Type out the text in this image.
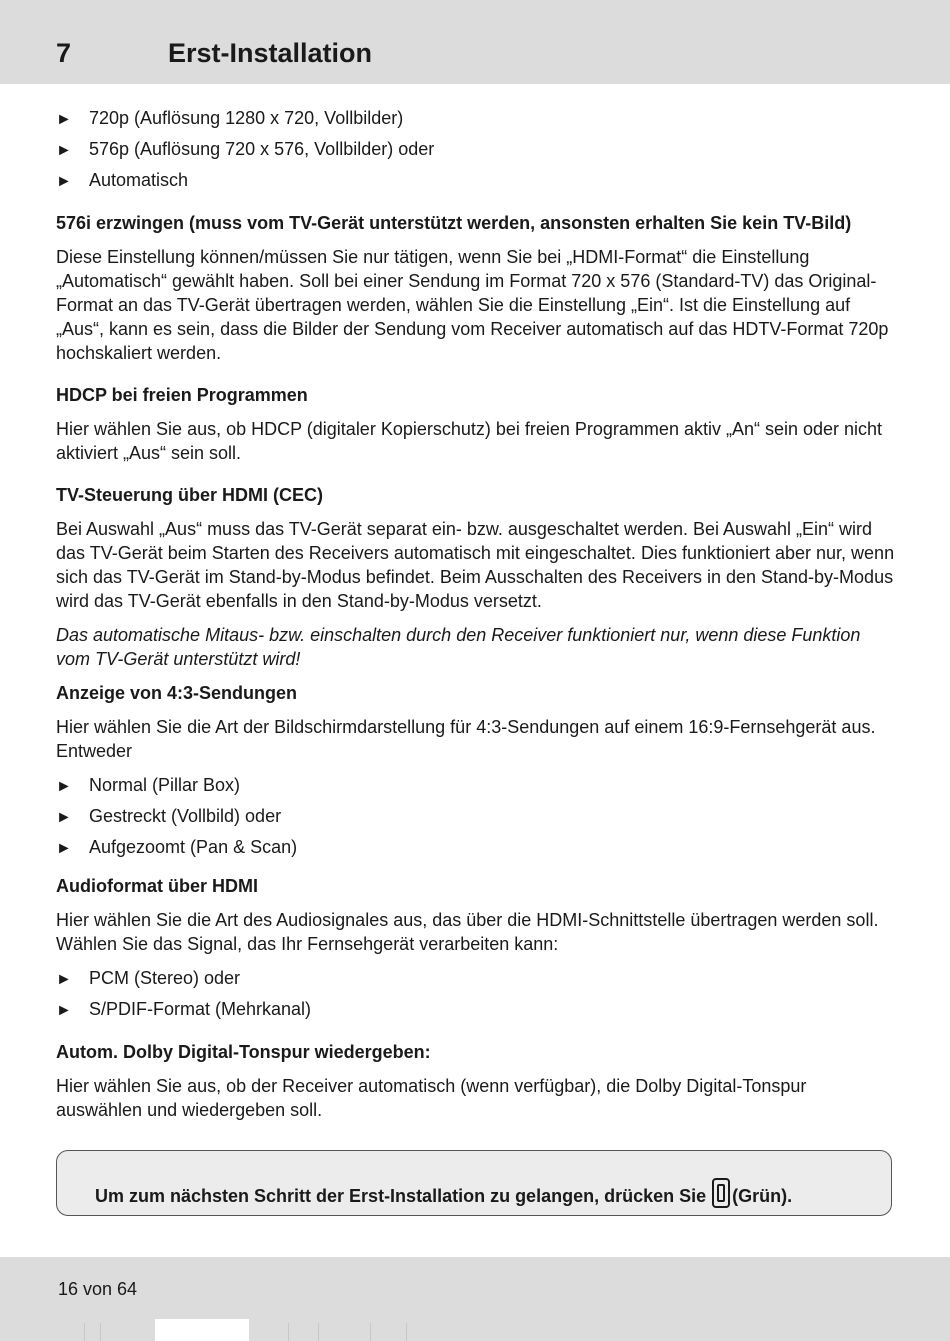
7	Erst-Installation
► 720p (Auflösung 1280 x 720, Vollbilder)
► 576p (Auflösung 720 x 576, Vollbilder) oder
► Automatisch
576i erzwingen (muss vom TV-Gerät unterstützt werden, ansonsten erhalten Sie kein TV-Bild)
Diese Einstellung können/müssen Sie nur tätigen, wenn Sie bei „HDMI-Format“ die Einstellung „Automatisch“ gewählt haben. Soll bei einer Sendung im Format 720 x 576 (Standard-TV) das Original-Format an das TV-Gerät übertragen werden, wählen Sie die Einstellung „Ein“. Ist die Einstellung auf „Aus“, kann es sein, dass die Bilder der Sendung vom Receiver automatisch auf das HDTV-Format 720p hochskaliert werden.
HDCP bei freien Programmen
Hier wählen Sie aus, ob HDCP (digitaler Kopierschutz) bei freien Programmen aktiv „An“ sein oder nicht aktiviert „Aus“ sein soll.
TV-Steuerung über HDMI (CEC)
Bei Auswahl „Aus“ muss das TV-Gerät separat ein- bzw. ausgeschaltet werden. Bei Auswahl „Ein“ wird das TV-Gerät beim Starten des Receivers automatisch mit eingeschaltet. Dies funktioniert aber nur, wenn sich das TV-Gerät im Stand-by-Modus befindet. Beim Ausschalten des Receivers in den Stand-by-Modus wird das TV-Gerät ebenfalls in den Stand-by-Modus versetzt.
Das automatische Mitaus- bzw. einschalten durch den Receiver funktioniert nur, wenn diese Funktion vom TV-Gerät unterstützt wird!
Anzeige von 4:3-Sendungen
Hier wählen Sie die Art der Bildschirmdarstellung für 4:3-Sendungen auf einem 16:9-Fernsehgerät aus. Entweder
► Normal (Pillar Box)
► Gestreckt (Vollbild) oder
► Aufgezoomt (Pan & Scan)
Audioformat über HDMI
Hier wählen Sie die Art des Audiosignales aus, das über die HDMI-Schnittstelle übertragen werden soll. Wählen Sie das Signal, das Ihr Fernsehgerät verarbeiten kann:
► PCM (Stereo) oder
► S/PDIF-Format (Mehrkanal)
Autom. Dolby Digital-Tonspur wiedergeben:
Hier wählen Sie aus, ob der Receiver automatisch (wenn verfügbar), die Dolby Digital-Tonspur auswählen und wiedergeben soll.
Um zum nächsten Schritt der Erst-Installation zu gelangen, drücken Sie (Grün).
16 von 64
